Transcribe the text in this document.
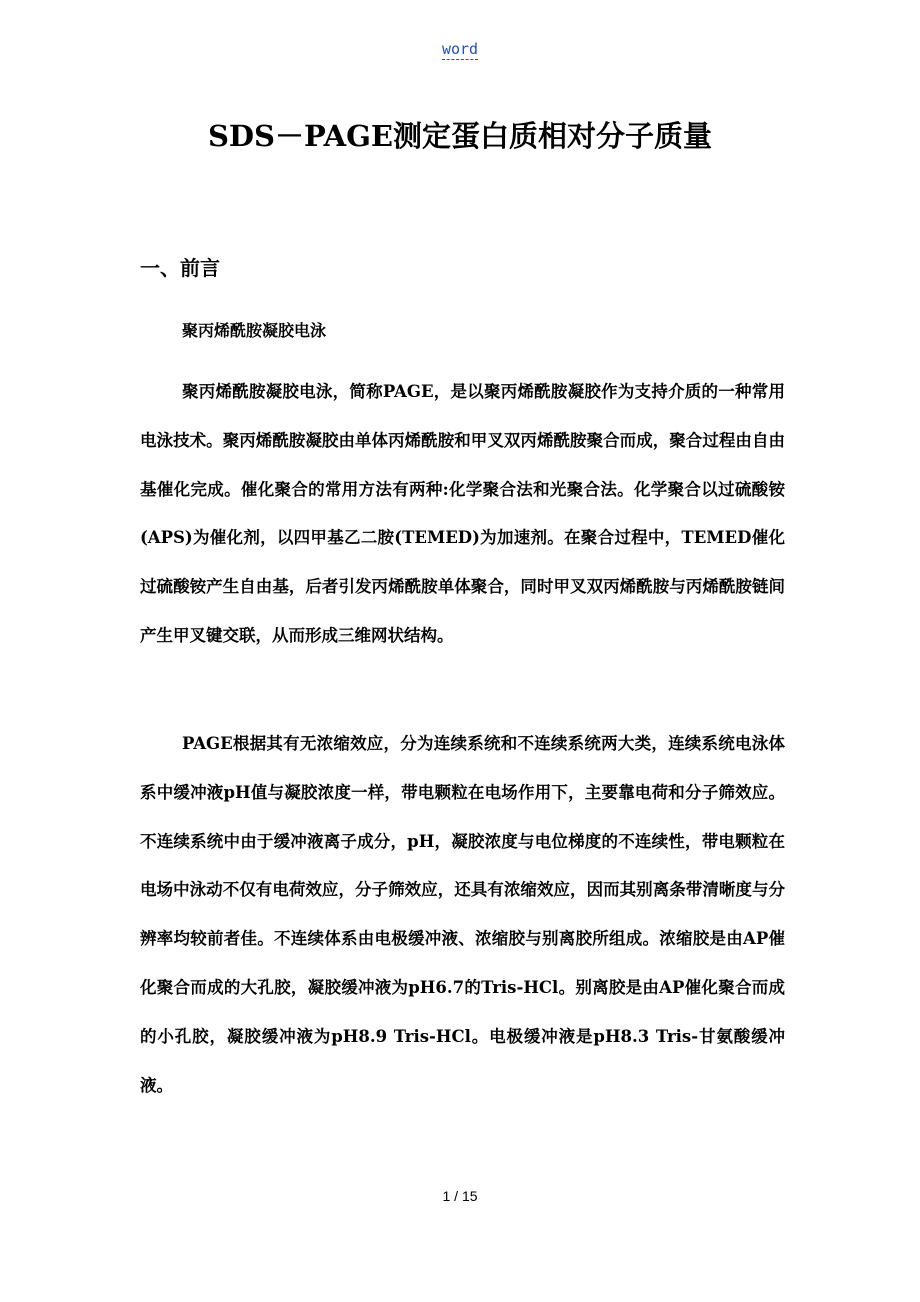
word
SDS－PAGE测定蛋白质相对分子质量
一、前言
聚丙烯酰胺凝胶电泳

聚丙烯酰胺凝胶电泳，简称PAGE，是以聚丙烯酰胺凝胶作为支持介质的一种常用电泳技术。聚丙烯酰胺凝胶由单体丙烯酰胺和甲叉双丙烯酰胺聚合而成，聚合过程由自由基催化完成。催化聚合的常用方法有两种:化学聚合法和光聚合法。化学聚合以过硫酸铵(APS)为催化剂，以四甲基乙二胺(TEMED)为加速剂。在聚合过程中，TEMED催化过硫酸铵产生自由基，后者引发丙烯酰胺单体聚合，同时甲叉双丙烯酰胺与丙烯酰胺链间产生甲叉键交联，从而形成三维网状结构。

PAGE根据其有无浓缩效应，分为连续系统和不连续系统两大类，连续系统电泳体系中缓冲液pH值与凝胶浓度一样，带电颗粒在电场作用下，主要靠电荷和分子筛效应。不连续系统中由于缓冲液离子成分，pH，凝胶浓度与电位梯度的不连续性，带电颗粒在电场中泳动不仅有电荷效应，分子筛效应，还具有浓缩效应，因而其别离条带清晰度与分辨率均较前者佳。不连续体系由电极缓冲液、浓缩胶与别离胶所组成。浓缩胶是由AP催化聚合而成的大孔胶，凝胶缓冲液为pH6.7的Tris-HCl。别离胶是由AP催化聚合而成的小孔胶，凝胶缓冲液为pH8.9 Tris-HCl。电极缓冲液是pH8.3 Tris-甘氨酸缓冲液。

1 / 15
